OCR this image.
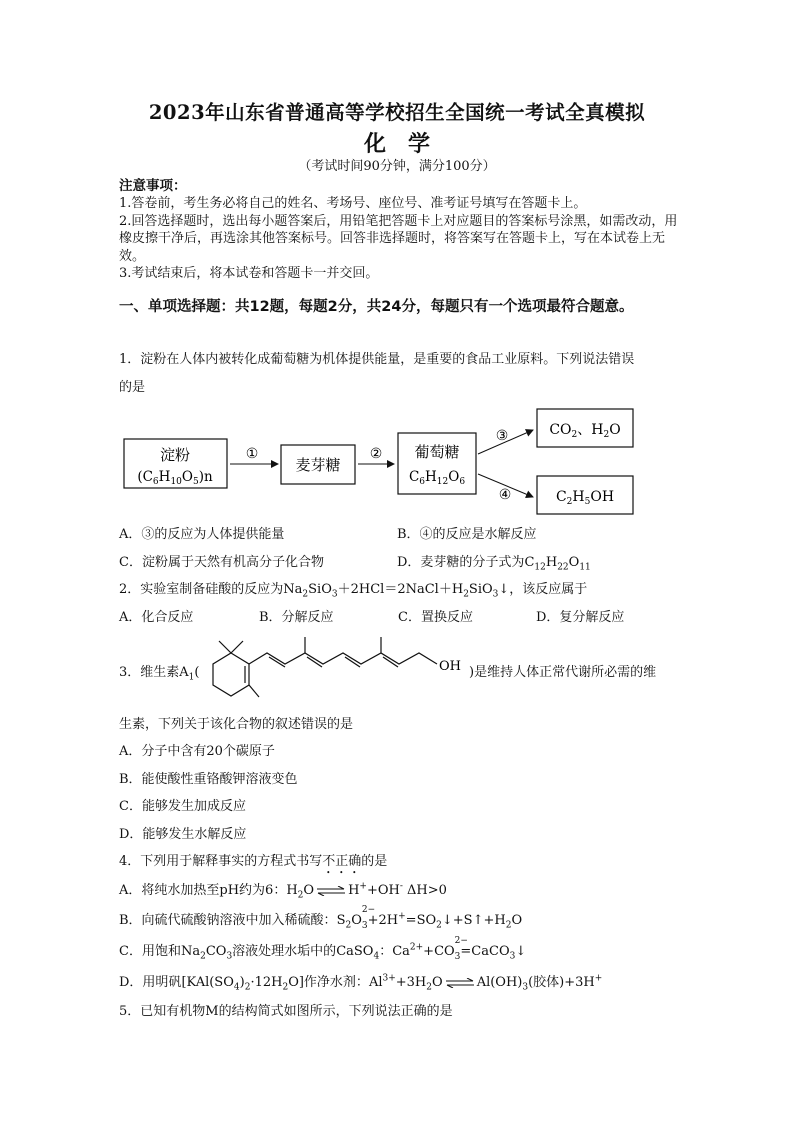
2023年山东省普通高等学校招生全国统一考试全真模拟
化学
（考试时间90分钟，满分100分）
注意事项：
1.答卷前，考生务必将自己的姓名、考场号、座位号、准考证号填写在答题卡上。
2.回答选择题时，选出每小题答案后，用铅笔把答题卡上对应题目的答案标号涂黑，如需改动，用橡皮擦干净后，再选涂其他答案标号。回答非选择题时，将答案写在答题卡上，写在本试卷上无效。
3.考试结束后，将本试卷和答题卡一并交回。
一、单项选择题：共12题，每题2分，共24分，每题只有一个选项最符合题意。
1．淀粉在人体内被转化成葡萄糖为机体提供能量，是重要的食品工业原料。下列说法错误
的是
淀粉
$(C_6H_{10}O_5)n$
①
麦芽糖
② 葡萄糖
$C_6H_{12}O_6$
③
④
$CO_2$、$H_2O$
$C_2H_5OH$
A．③的反应为人体提供能量	B．④的反应是水解反应
C．淀粉属于天然有机高分子化合物	D．麦芽糖的分子式为$C_{12}H_{22}O_{11}$
2．实验室制备硅酸的反应为$Na_2SiO_3+2HCl=2NaCl+H_2SiO_3↓$，该反应属于
A．化合反应	B．分解反应	C．置换反应	D．复分解反应
3．维生素$A_1$(	OH )是维持人体正常代谢所必需的维
生素，下列关于该化合物的叙述错误的是
A．分子中含有20个碳原子
B．能使酸性重铬酸钾溶液变色
C．能够发生加成反应
D．能够发生水解反应
4．下列用于解释事实的方程式书写不正确的是
A．将纯水加热至pH约为6：$H_2O$	H++OH- ΔH>0
B．向硫代硫酸钠溶液中加入稀硫酸：$S_2O$
$_{2- 3}+2H^+=SO_2↓+S↑+H_2O$
C．用饱和$Na_2CO_3$溶液处理水垢中的CaSO$_4$：$Ca^{2+}+CO$
$_{2- 3}$=CaCO$_3$↓
D．用明矾$[KAl(SO_4)_2\cdot 12H_2O]$作净水剂：$Al^{3+}+3H_2O$	$Al(OH)_3$(胶体)+3H+
5．已知有机物M的结构简式如图所示，下列说法正确的是
